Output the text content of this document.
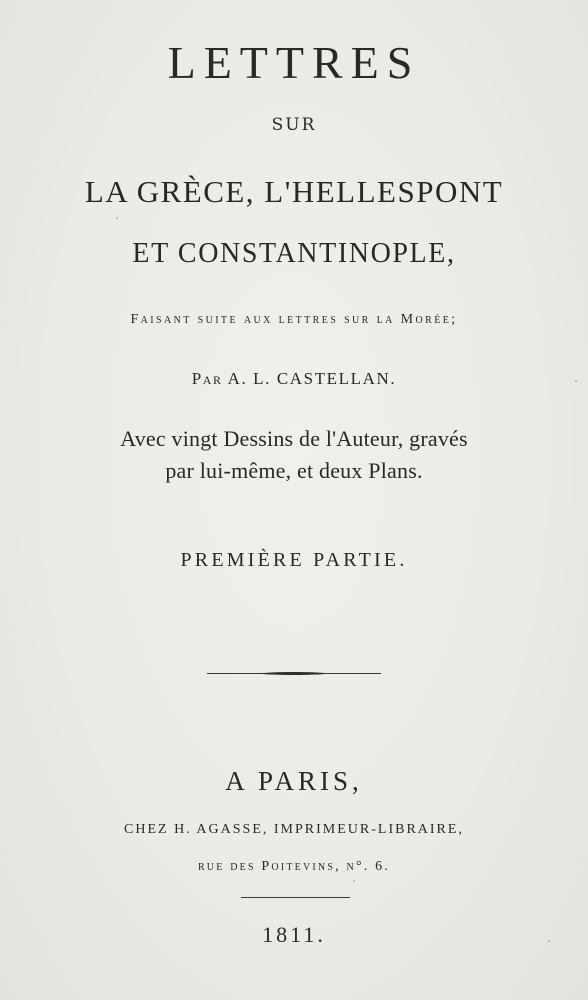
LETTRES
SUR
LA GRÈCE, L'HELLESPONT
ET CONSTANTINOPLE,
Faisant suite aux lettres sur la Morée;
Par A. L. CASTELLAN.
Avec vingt Dessins de l'Auteur, gravés
par lui-même, et deux Plans.
PREMIÈRE PARTIE.
A PARIS,
CHEZ H. AGASSE, IMPRIMEUR-LIBRAIRE,
rue des Poitevins, n°. 6.
1811.
